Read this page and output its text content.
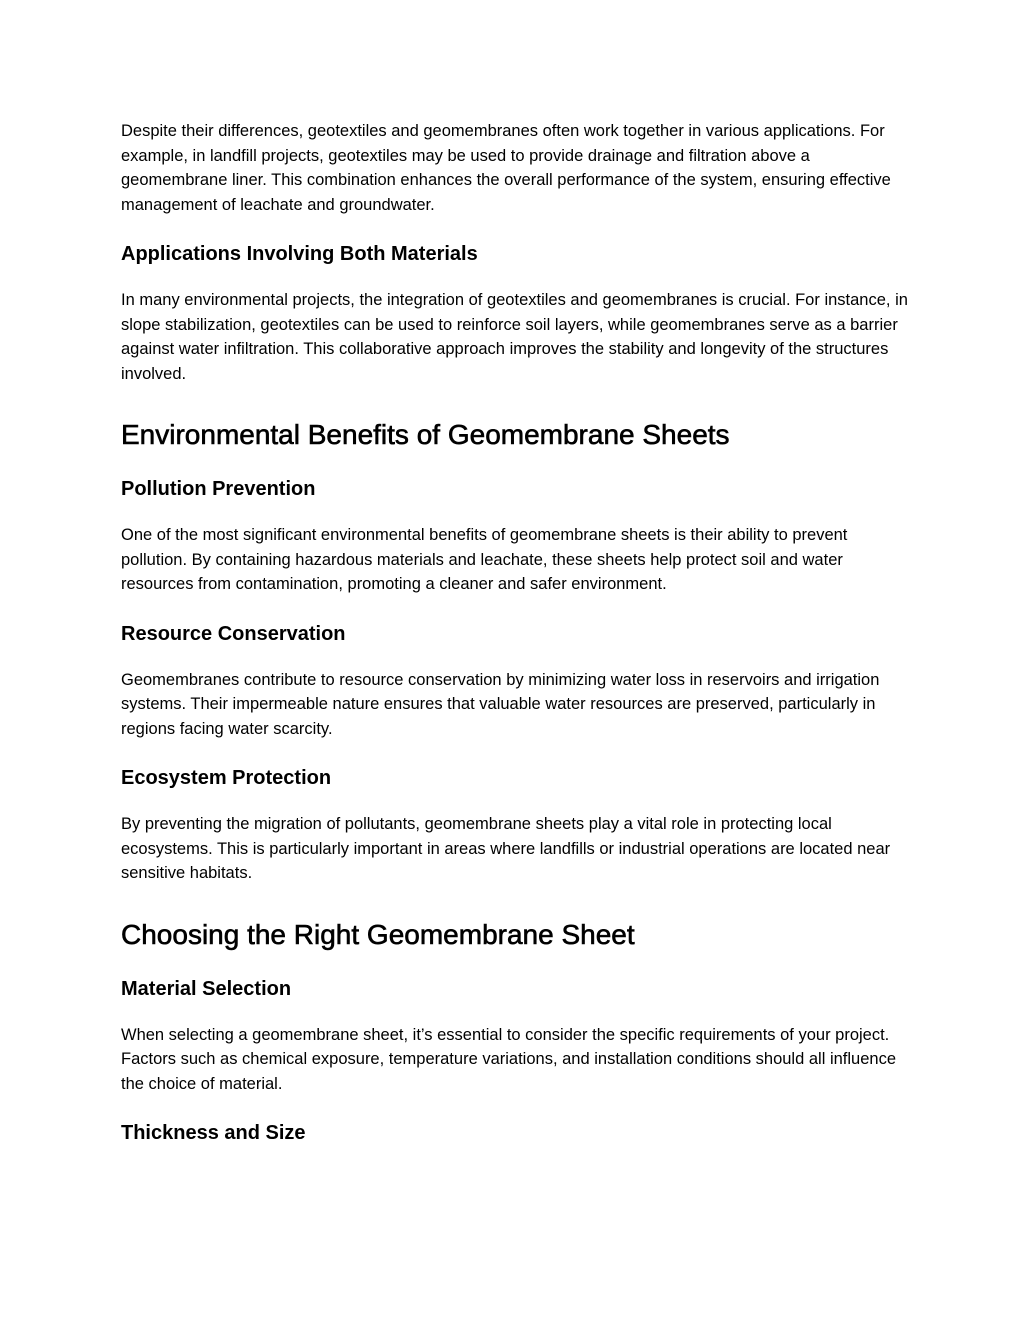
Despite their differences, geotextiles and geomembranes often work together in various applications. For example, in landfill projects, geotextiles may be used to provide drainage and filtration above a geomembrane liner. This combination enhances the overall performance of the system, ensuring effective management of leachate and groundwater.

Applications Involving Both Materials

In many environmental projects, the integration of geotextiles and geomembranes is crucial. For instance, in slope stabilization, geotextiles can be used to reinforce soil layers, while geomembranes serve as a barrier against water infiltration. This collaborative approach improves the stability and longevity of the structures involved.

Environmental Benefits of Geomembrane Sheets
Pollution Prevention

One of the most significant environmental benefits of geomembrane sheets is their ability to prevent pollution. By containing hazardous materials and leachate, these sheets help protect soil and water resources from contamination, promoting a cleaner and safer environment.

Resource Conservation

Geomembranes contribute to resource conservation by minimizing water loss in reservoirs and irrigation systems. Their impermeable nature ensures that valuable water resources are preserved, particularly in regions facing water scarcity.

Ecosystem Protection

By preventing the migration of pollutants, geomembrane sheets play a vital role in protecting local ecosystems. This is particularly important in areas where landfills or industrial operations are located near sensitive habitats.

Choosing the Right Geomembrane Sheet
Material Selection

When selecting a geomembrane sheet, it’s essential to consider the specific requirements of your project. Factors such as chemical exposure, temperature variations, and installation conditions should all influence the choice of material.

Thickness and Size
